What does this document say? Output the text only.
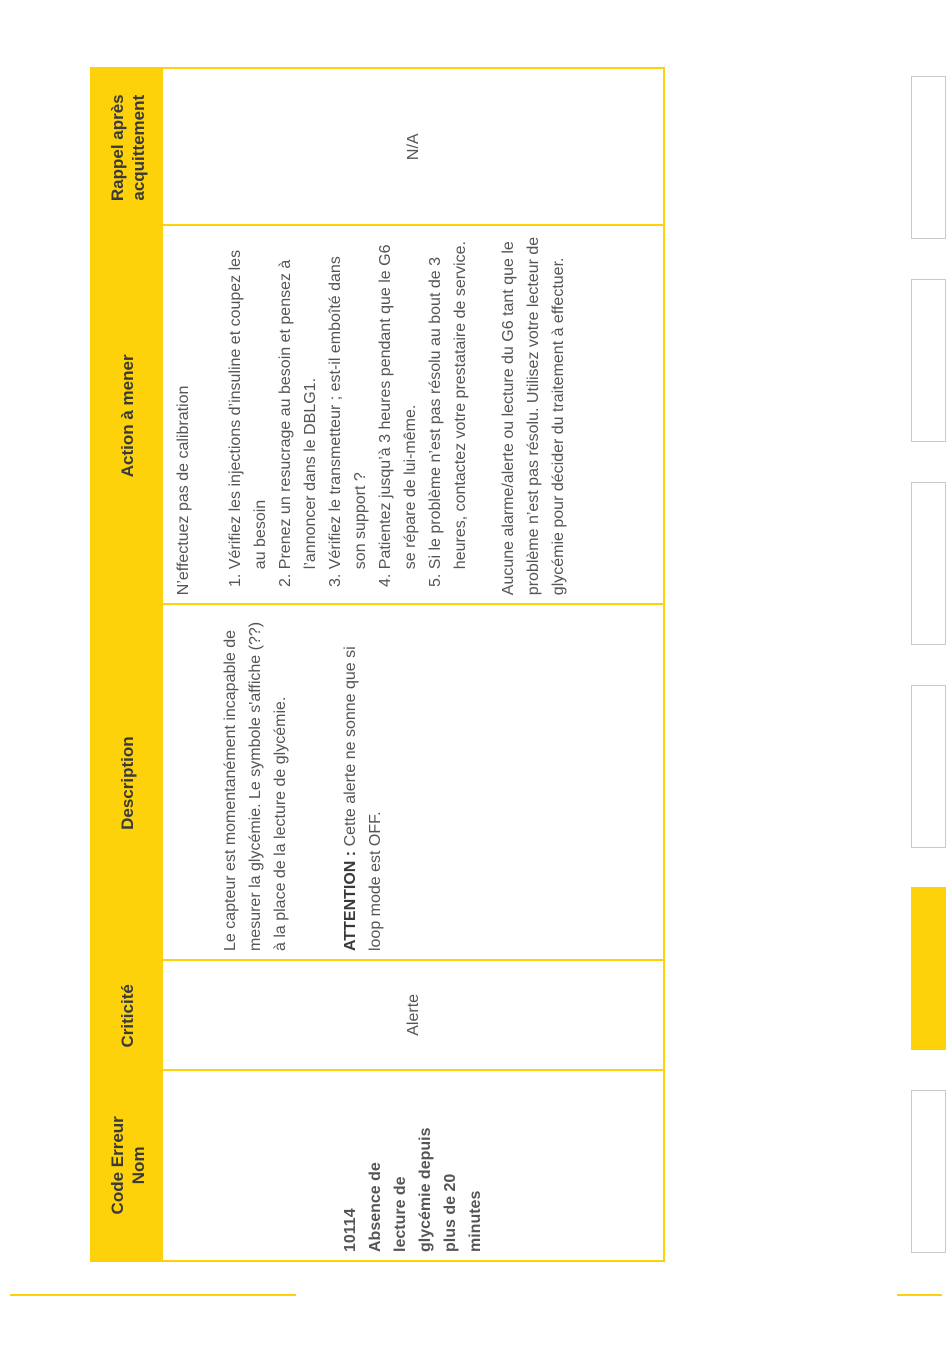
Code Erreur Nom
Criticité
Description
Action à mener
Rappel après acquittement
10114 Absence de lecture de glycémie depuis plus de 20 minutes
Alerte

Le capteur est momentanément incapable de mesurer la glycémie. Le symbole s'affiche (??) à la place de la lecture de glycémie.	ATTENTION : Cette alerte ne sonne que si loop mode est OFF.

N’effectuez pas de calibration 1. Vérifiez les injections d’insuline et coupez les au besoin 2. Prenez un resucrage au besoin et pensez à l’annoncer dans le DBLG1. 3. Vérifiez le transmetteur ; est-il emboîté dans son support ? 4. Patientez jusqu’à 3 heures pendant que le G6 se répare de lui-même. 5. Si le problème n’est pas résolu au bout de 3 heures, contactez votre prestataire de service. Aucune alarme/alerte ou lecture du G6 tant que le problème n’est pas résolu. Utilisez votre lecteur de glycémie pour décider du traitement à effectuer.

N/A
